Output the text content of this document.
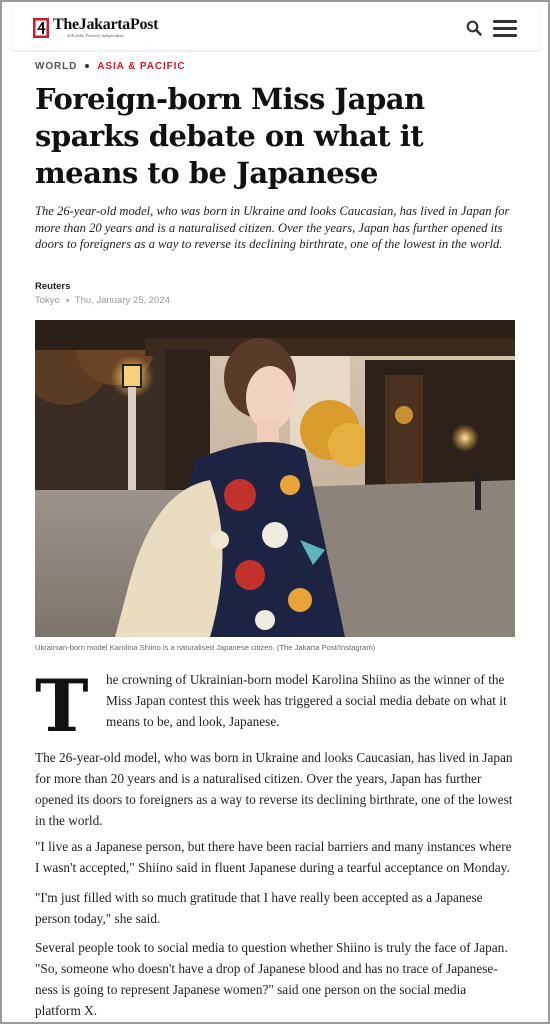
TheJakartaPost
Still bold. Fiercely independent
WORLD ASIA & PACIFIC
Foreign-born Miss Japan sparks debate on what it means to be Japanese

The 26-year-old model, who was born in Ukraine and looks Caucasian, has lived in Japan for more than 20 years and is a naturalised citizen. Over the years, Japan has further opened its doors to foreigners as a way to reverse its declining birthrate, one of the lowest in the world.

Reuters
Tokyo Thu, January 25, 2024
Ukrainian-born model Karolina Shiino is a naturalised Japanese citizen. (The Jakarta Post/Instagram)
T he crowning of Ukrainian-born model Karolina Shiino as the winner of the Miss Japan contest this week has triggered a social media debate on what it means to be, and look, Japanese.

The 26-year-old model, who was born in Ukraine and looks Caucasian, has lived in Japan for more than 20 years and is a naturalised citizen. Over the years, Japan has further opened its doors to foreigners as a way to reverse its declining birthrate, one of the lowest in the world.

"I live as a Japanese person, but there have been racial barriers and many instances where I wasn't accepted," Shiino said in fluent Japanese during a tearful acceptance on Monday.

"I'm just filled with so much gratitude that I have really been accepted as a Japanese person today," she said.

Several people took to social media to question whether Shiino is truly the face of Japan. "So, someone who doesn't have a drop of Japanese blood and has no trace of Japanese-ness is going to represent Japanese women?" said one person on the social media platform X.
